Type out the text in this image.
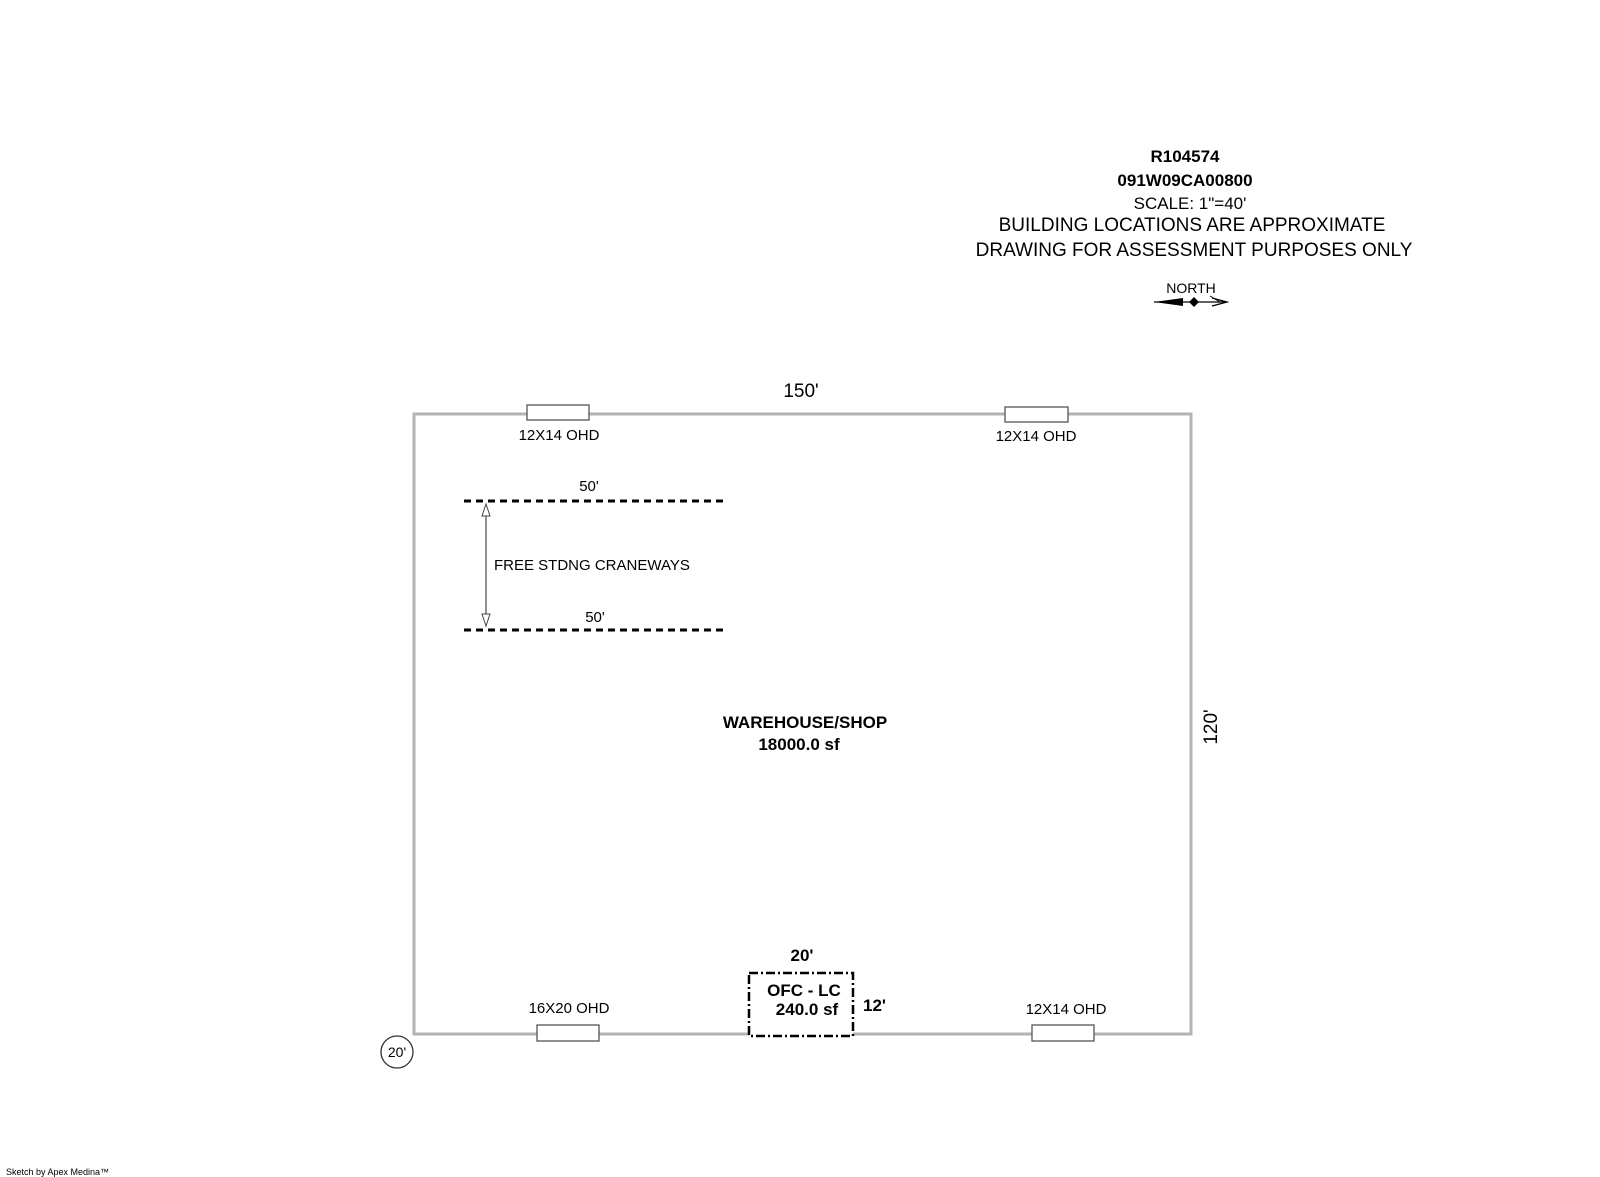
R104574
091W09CA00800
SCALE: 1"=40'
BUILDING LOCATIONS ARE APPROXIMATE
DRAWING FOR ASSESSMENT PURPOSES ONLY
NORTH
150'
120'
12X14 OHD	12X14 OHD
16X20 OHD	12X14 OHD
50'
FREE STDNG CRANEWAYS
50'
WAREHOUSE/SHOP
18000.0 sf
20'
12'
OFC - LC
240.0 sf
20'
Sketch by Apex Medina™
